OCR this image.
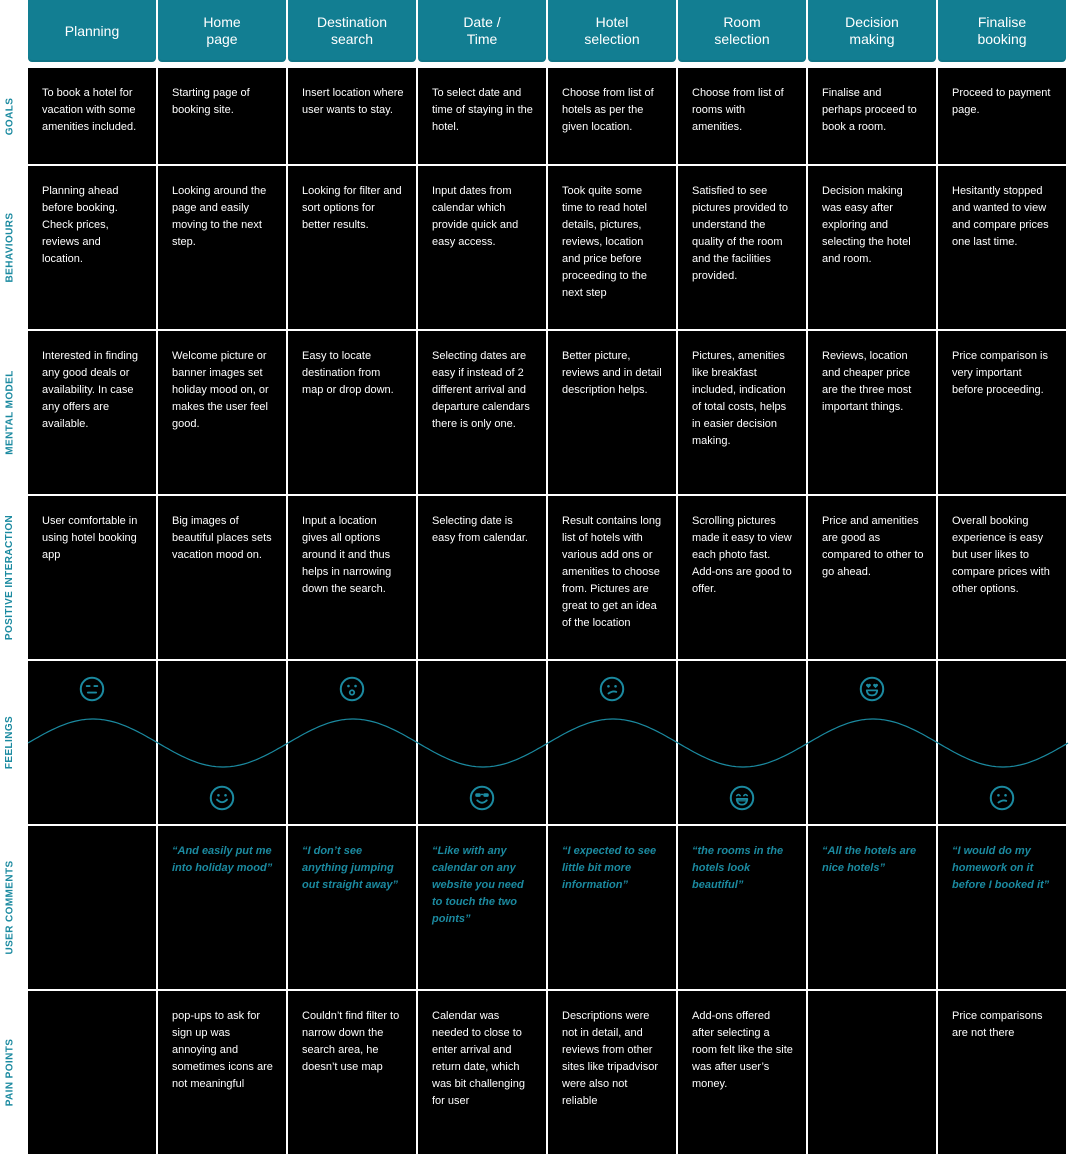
Planning
Home
page
Destination
search
Date /
Time
Hotel
selection
Room
selection
Decision
making
Finalise
booking
GOALS
To book a hotel for vacation with some amenities included.
Starting page of booking site.
Insert location where user wants to stay.
To select date and time of staying in the hotel.
Choose from list of hotels as per the given location.
Choose from list of rooms with amenities.
Finalise and perhaps proceed to book a room.
Proceed to payment page.
BEHAVIOURS
Planning ahead before booking. Check prices, reviews and location.
Looking around the page and easily moving to the next step.
Looking for filter and sort options for better results.
Input dates from calendar which provide quick and easy access.
Took quite some time to read hotel details, pictures, reviews, location and price before proceeding to the next step
Satisfied to see pictures provided to understand the quality of the room and the facilities provided.
Decision making was easy after exploring and selecting the hotel and room.
Hesitantly stopped and wanted to view and compare prices one last time.
MENTAL MODEL
Interested in finding any good deals or availability. In case any offers are available.
Welcome picture or banner images set holiday mood on, or makes the user feel good.
Easy to locate destination from map or drop down.
Selecting dates are easy if instead of 2 different arrival and departure calendars there is only one.
Better picture, reviews and in detail description helps.
Pictures, amenities like breakfast included, indication of total costs, helps in easier decision making.
Reviews, location and cheaper price are the three most important things.
Price comparison is very important before proceeding.
POSITIVE INTERACTION	User comfortable in using hotel booking app
Big images of beautiful places sets vacation mood on.
Input a location gives all options around it and thus helps in narrowing down the search.
Selecting date is easy from calendar.
Result contains long list of hotels with various add ons or amenities to choose from. Pictures are great to get an idea of the location
Scrolling pictures made it easy to view each photo fast. Add-ons are good to offer.
Price and amenities are good as compared to other to go ahead.
Overall booking experience is easy but user likes to compare prices with other options.
FEELINGS
USER COMMENTS
“And easily put me into holiday mood”
“I don’t see anything jumping out straight away”
“Like with any calendar on any website you need to touch the two points”
“I expected to see little bit more information”
“the rooms in the hotels look beautiful”
“All the hotels are nice hotels”
“I would do my homework on it before I booked it”
PAIN POINTS
pop-ups to ask for sign up was annoying and sometimes icons are not meaningful
Couldn’t find filter to narrow down the search area, he doesn’t use map
Calendar was needed to close to enter arrival and return date, which was bit challenging for user
Descriptions were not in detail, and reviews from other sites like tripadvisor were also not reliable
Add-ons offered after selecting a room felt like the site was after user’s money.
Price comparisons are not there
